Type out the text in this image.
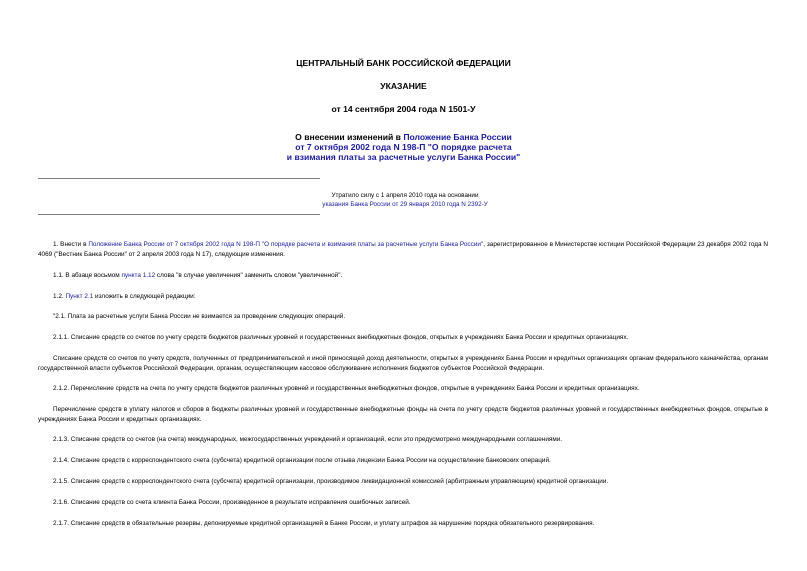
ЦЕНТРАЛЬНЫЙ БАНК РОССИЙСКОЙ ФЕДЕРАЦИИ
УКАЗАНИЕ
от 14 сентября 2004 года N 1501-У
О внесении изменений в Положение Банка России
от 7 октября 2002 года N 198-П "О порядке расчета
и взимания платы за расчетные услуги Банка России"
Утратило силу с 1 апреля 2010 года на основании
указания Банка России от 29 января 2010 года N 2392-У
1. Внести в Положение Банка России от 7 октября 2002 года N 198-П "О порядке расчета и взимания платы за расчетные услуги Банка России", зарегистрированное в Министерстве юстиции Российской Федерации 23 декабря 2002 года N 4069 ("Вестник Банка России" от 2 апреля 2003 года N 17), следующие изменения.
1.1. В абзаце восьмом пункта 1.12 слова "в случае увеличения" заменить словом "увеличенной".
1.2. Пункт 2.1 изложить в следующей редакции:
"2.1. Плата за расчетные услуги Банка России не взимается за проведение следующих операций.
2.1.1. Списание средств со счетов по учету средств бюджетов различных уровней и государственных внебюджетных фондов, открытых в учреждениях Банка России и кредитных организациях.
Списание средств со счетов по учету средств, полученных от предпринимательской и иной приносящей доход деятельности, открытых в учреждениях Банка России и кредитных организациях органам федерального казначейства, органам государственной власти субъектов Российской Федерации, органам, осуществляющим кассовое обслуживание исполнения бюджетов субъектов Российской Федерации.
2.1.2. Перечисление средств на счета по учету средств бюджетов различных уровней и государственных внебюджетных фондов, открытые в учреждениях Банка России и кредитных организациях.
Перечисление средств в уплату налогов и сборов в бюджеты различных уровней и государственные внебюджетные фонды на счета по учету средств бюджетов различных уровней и государственных внебюджетных фондов, открытые в учреждениях Банка России и кредитных организациях.
2.1.3. Списание средств со счетов (на счета) международных, межгосударственных учреждений и организаций, если это предусмотрено международными соглашениями.
2.1.4. Списание средств с корреспондентского счета (субсчета) кредитной организации после отзыва лицензии Банка России на осуществление банковских операций.
2.1.5. Списание средств с корреспондентского счета (субсчета) кредитной организации, производимое ликвидационной комиссией (арбитражным управляющим) кредитной организации.
2.1.6. Списание средств со счета клиента Банка России, произведенное в результате исправления ошибочных записей.
2.1.7. Списание средств в обязательные резервы, депонируемые кредитной организацией в Банке России, и уплату штрафов за нарушение порядка обязательного резервирования.
